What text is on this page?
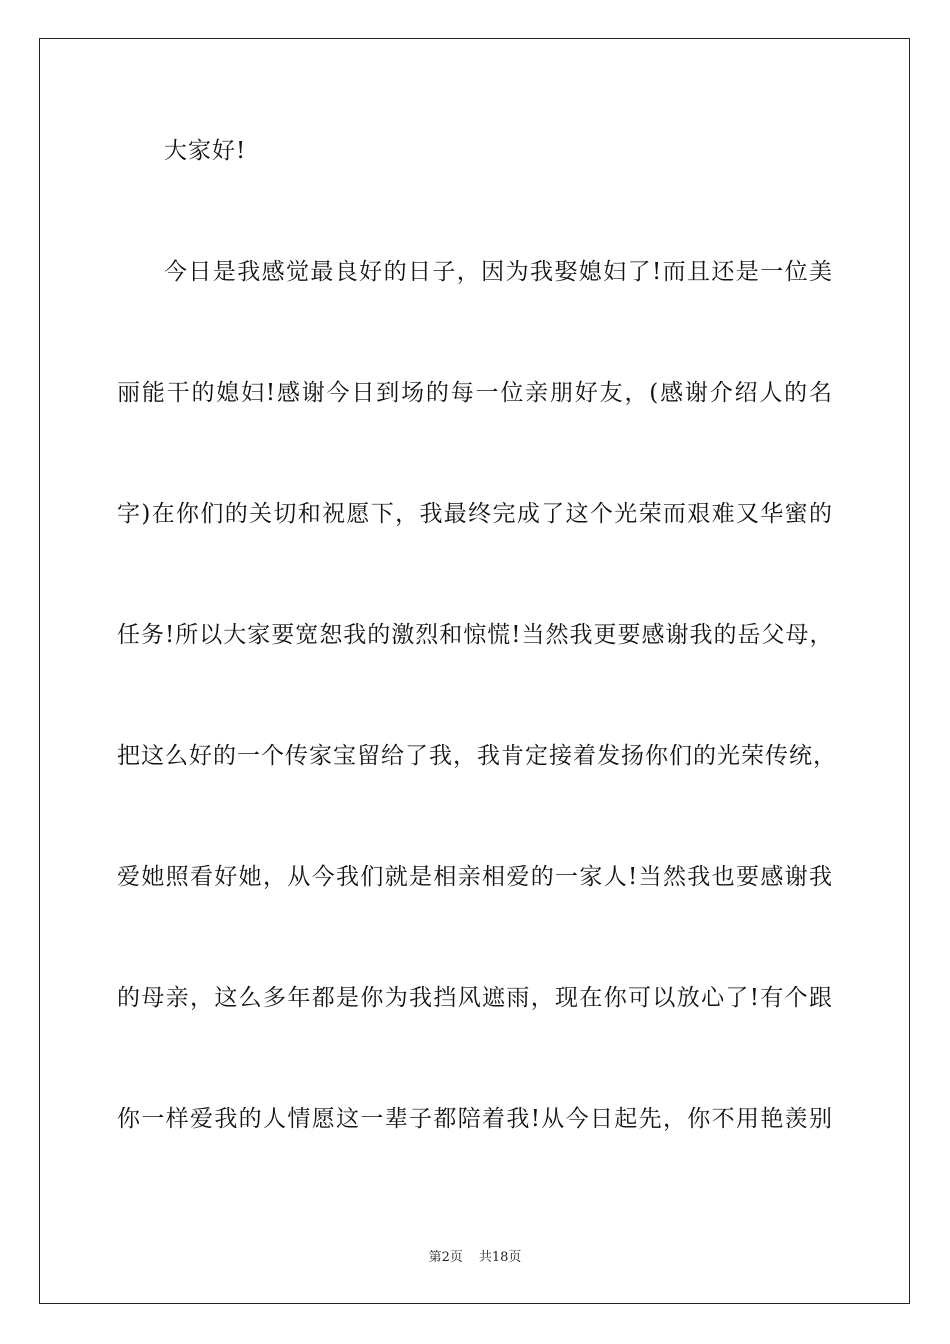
大家好!
今日是我感觉最良好的日子，因为我娶媳妇了!而且还是一位美
丽能干的媳妇!感谢今日到场的每一位亲朋好友，(感谢介绍人的名
字)在你们的关切和祝愿下，我最终完成了这个光荣而艰难又华蜜的
任务!所以大家要宽恕我的激烈和惊慌!当然我更要感谢我的岳父母，
把这么好的一个传家宝留给了我，我肯定接着发扬你们的光荣传统，
爱她照看好她，从今我们就是相亲相爱的一家人!当然我也要感谢我
的母亲，这么多年都是你为我挡风遮雨，现在你可以放心了!有个跟
你一样爱我的人情愿这一辈子都陪着我!从今日起先，你不用艳羡别
第2页 共18页
